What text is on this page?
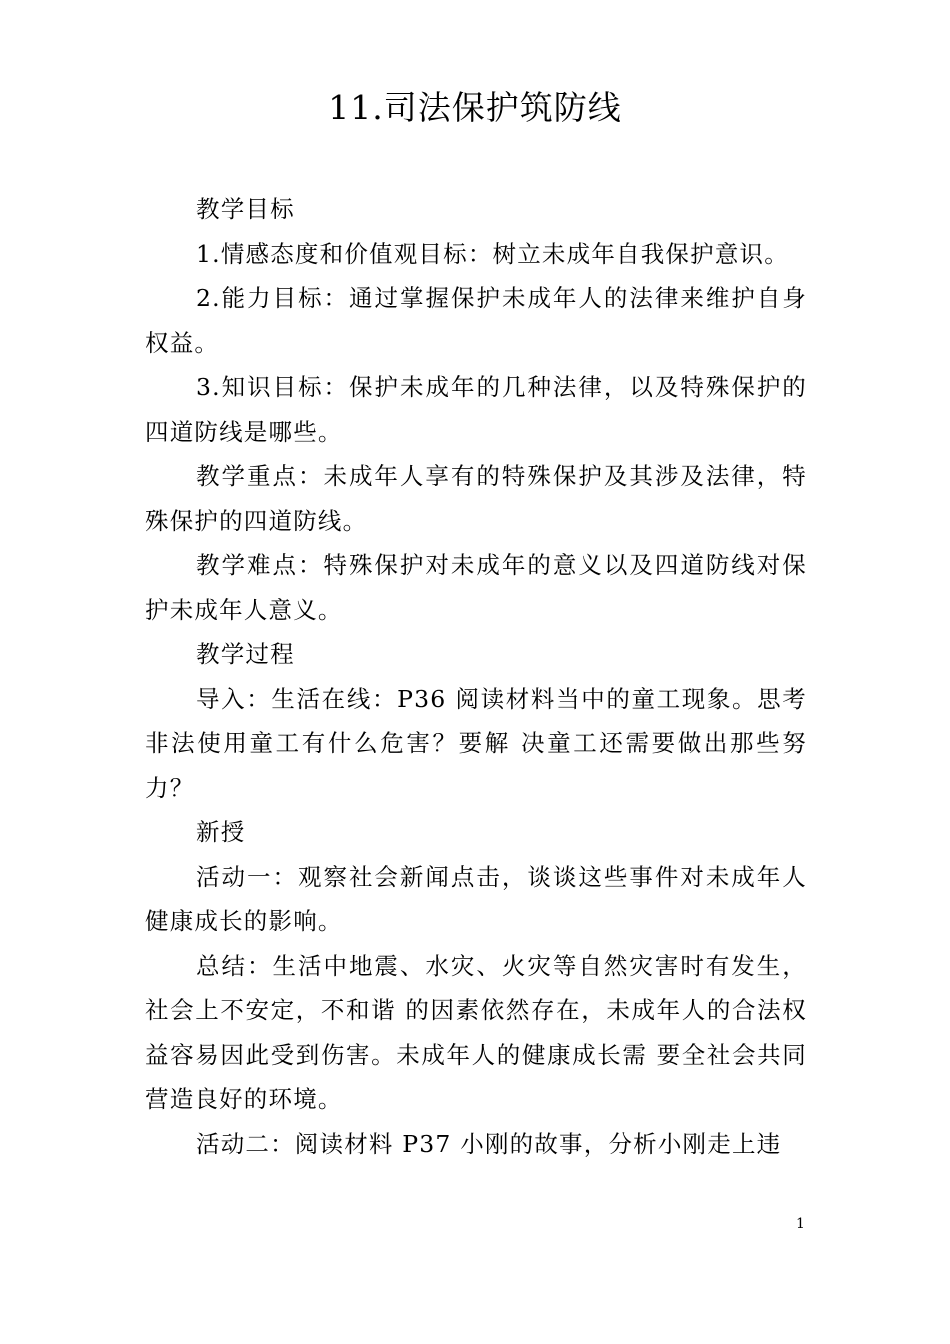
11.司法保护筑防线

教学目标

1.情感态度和价值观目标：树立未成年自我保护意识。

2.能力目标：通过掌握保护未成年人的法律来维护自身权益。

3.知识目标：保护未成年的几种法律，以及特殊保护的四道防线是哪些。

教学重点：未成年人享有的特殊保护及其涉及法律，特殊保护的四道防线。

教学难点：特殊保护对未成年的意义以及四道防线对保护未成年人意义。

教学过程

导入：生活在线：P36 阅读材料当中的童工现象。思考非法使用童工有什么危害？要解 决童工还需要做出那些努力？

新授

活动一：观察社会新闻点击，谈谈这些事件对未成年人健康成长的影响。

总结：生活中地震、水灾、火灾等自然灾害时有发生，社会上不安定，不和谐 的因素依然存在，未成年人的合法权益容易因此受到伤害。未成年人的健康成长需 要全社会共同营造良好的环境。

活动二：阅读材料 P37 小刚的故事，分析小刚走上违

1
